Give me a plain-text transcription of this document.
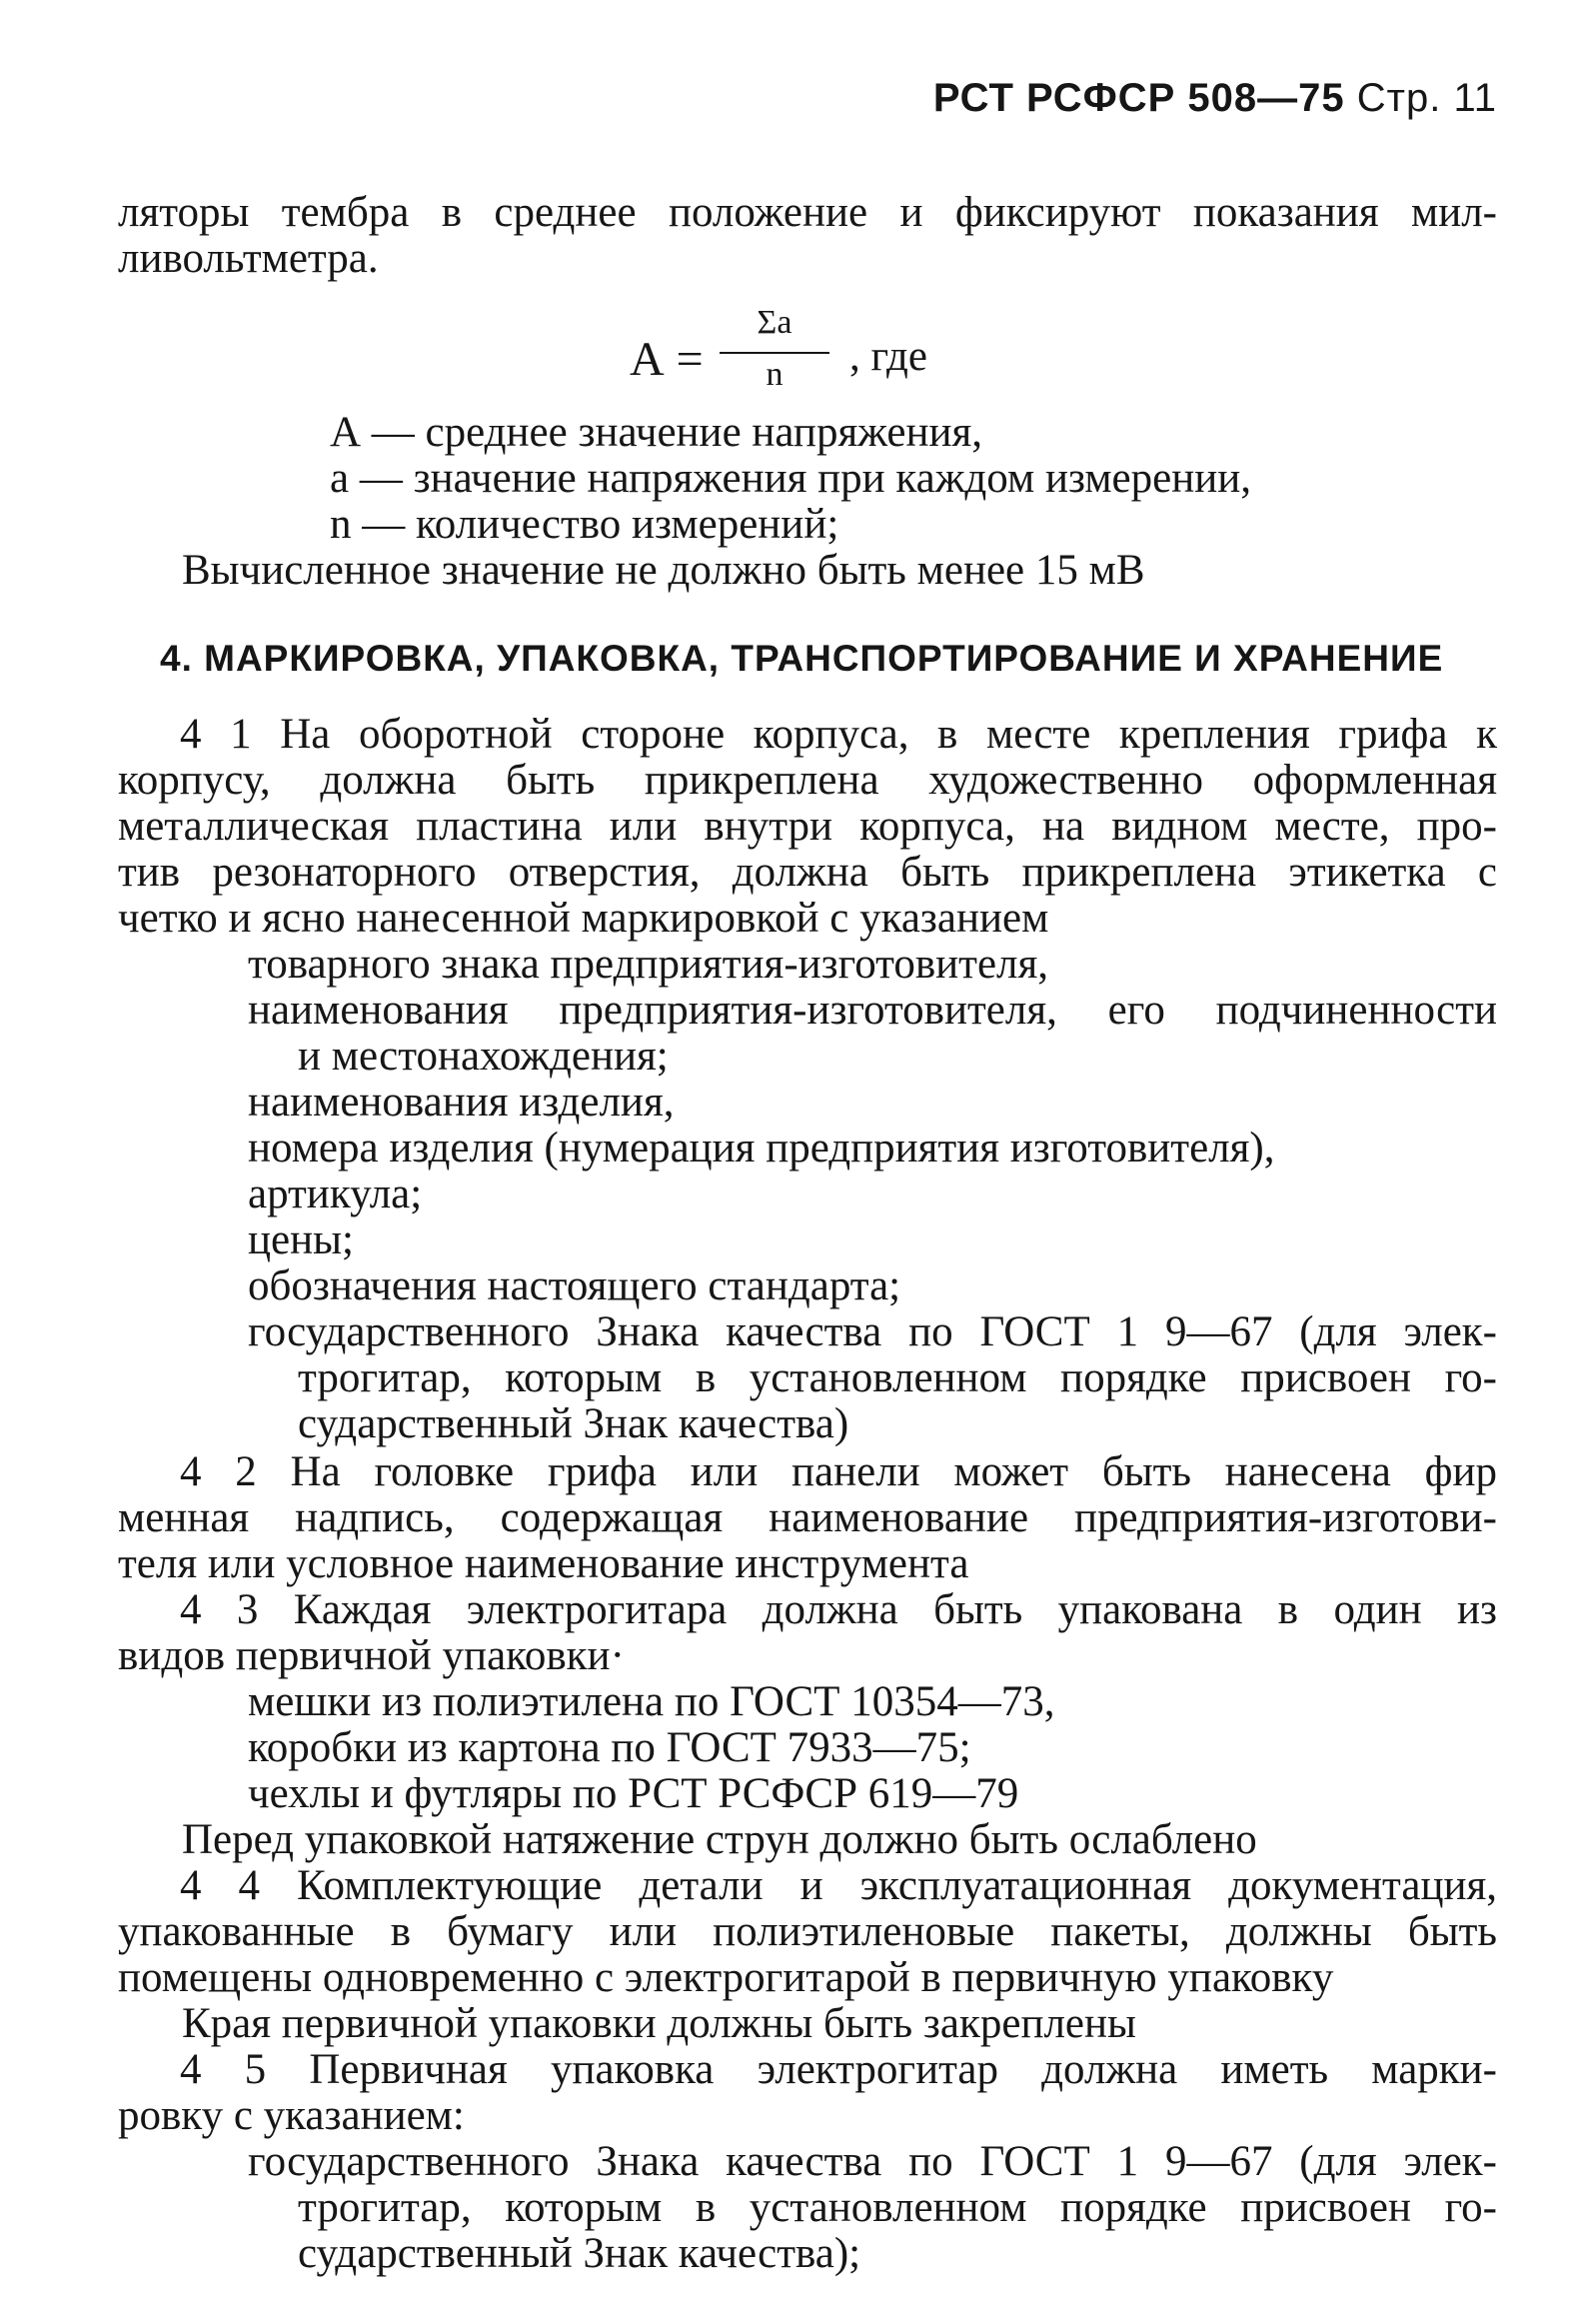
РСТ РСФСР 508—75 Стр. 11
ляторы тембра в среднее положение и фиксируют показания мил-
ливольтметра.
А =
Σa
n	, где
А — среднее значение напряжения,
a — значение напряжения при каждом измерении,
n — количество измерений;
Вычисленное значение не должно быть менее 15 мВ
4. МАРКИРОВКА, УПАКОВКА, ТРАНСПОРТИРОВАНИЕ И ХРАНЕНИЕ
4 1 На оборотной стороне корпуса, в месте крепления грифа к
корпусу, должна быть прикреплена художественно оформленная
металлическая пластина или внутри корпуса, на видном месте, про-
тив резонаторного отверстия, должна быть прикреплена этикетка с
четко и ясно нанесенной маркировкой с указанием
товарного знака предприятия-изготовителя,
наименования предприятия-изготовителя, его подчиненности
и местонахождения;
наименования изделия,
номера изделия (нумерация предприятия изготовителя),
артикула;
цены;
обозначения настоящего стандарта;
государственного Знака качества по ГОСТ 1 9—67 (для элек-
трогитар, которым в установленном порядке присвоен го-
сударственный Знак качества)
4 2 На головке грифа или панели может быть нанесена фир
менная надпись, содержащая наименование предприятия-изготови-
теля или условное наименование инструмента
4 3 Каждая электрогитара должна быть упакована в один из
видов первичной упаковки·
мешки из полиэтилена по ГОСТ 10354—73,
коробки из картона по ГОСТ 7933—75;
чехлы и футляры по РСТ РСФСР 619—79
Перед упаковкой натяжение струн должно быть ослаблено
4 4 Комплектующие детали и эксплуатационная документация,
упакованные в бумагу или полиэтиленовые пакеты, должны быть
помещены одновременно с электрогитарой в первичную упаковку
Края первичной упаковки должны быть закреплены
4 5 Первичная упаковка электрогитар должна иметь марки-
ровку с указанием:
государственного Знака качества по ГОСТ 1 9—67 (для элек-
трогитар, которым в установленном порядке присвоен го-
сударственный Знак качества);
